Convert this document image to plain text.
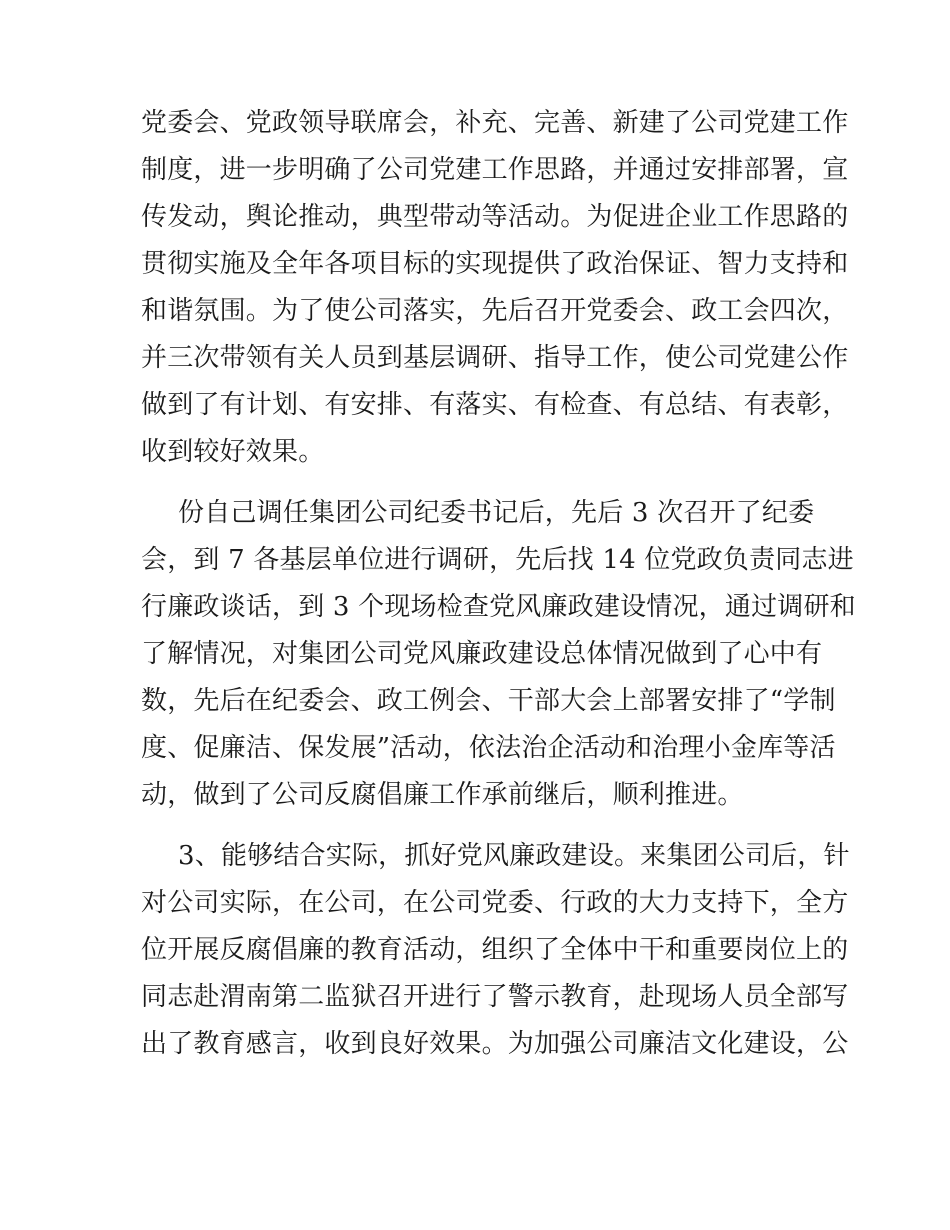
党委会、党政领导联席会，补充、完善、新建了公司党建工作
制度，进一步明确了公司党建工作思路，并通过安排部署，宣
传发动，舆论推动，典型带动等活动。为促进企业工作思路的
贯彻实施及全年各项目标的实现提供了政治保证、智力支持和
和谐氛围。为了使公司落实，先后召开党委会、政工会四次，
并三次带领有关人员到基层调研、指导工作，使公司党建公作
做到了有计划、有安排、有落实、有检查、有总结、有表彰，
收到较好效果。
份自己调任集团公司纪委书记后，先后 3 次召开了纪委
会，到 7 各基层单位进行调研，先后找 14 位党政负责同志进
行廉政谈话，到 3 个现场检查党风廉政建设情况，通过调研和
了解情况，对集团公司党风廉政建设总体情况做到了心中有
数，先后在纪委会、政工例会、干部大会上部署安排了“学制
度、促廉洁、保发展”活动，依法治企活动和治理小金库等活
动，做到了公司反腐倡廉工作承前继后，顺利推进。
3、能够结合实际，抓好党风廉政建设。来集团公司后，针
对公司实际，在公司，在公司党委、行政的大力支持下，全方
位开展反腐倡廉的教育活动，组织了全体中干和重要岗位上的
同志赴渭南第二监狱召开进行了警示教育，赴现场人员全部写
出了教育感言，收到良好效果。为加强公司廉洁文化建设，公
